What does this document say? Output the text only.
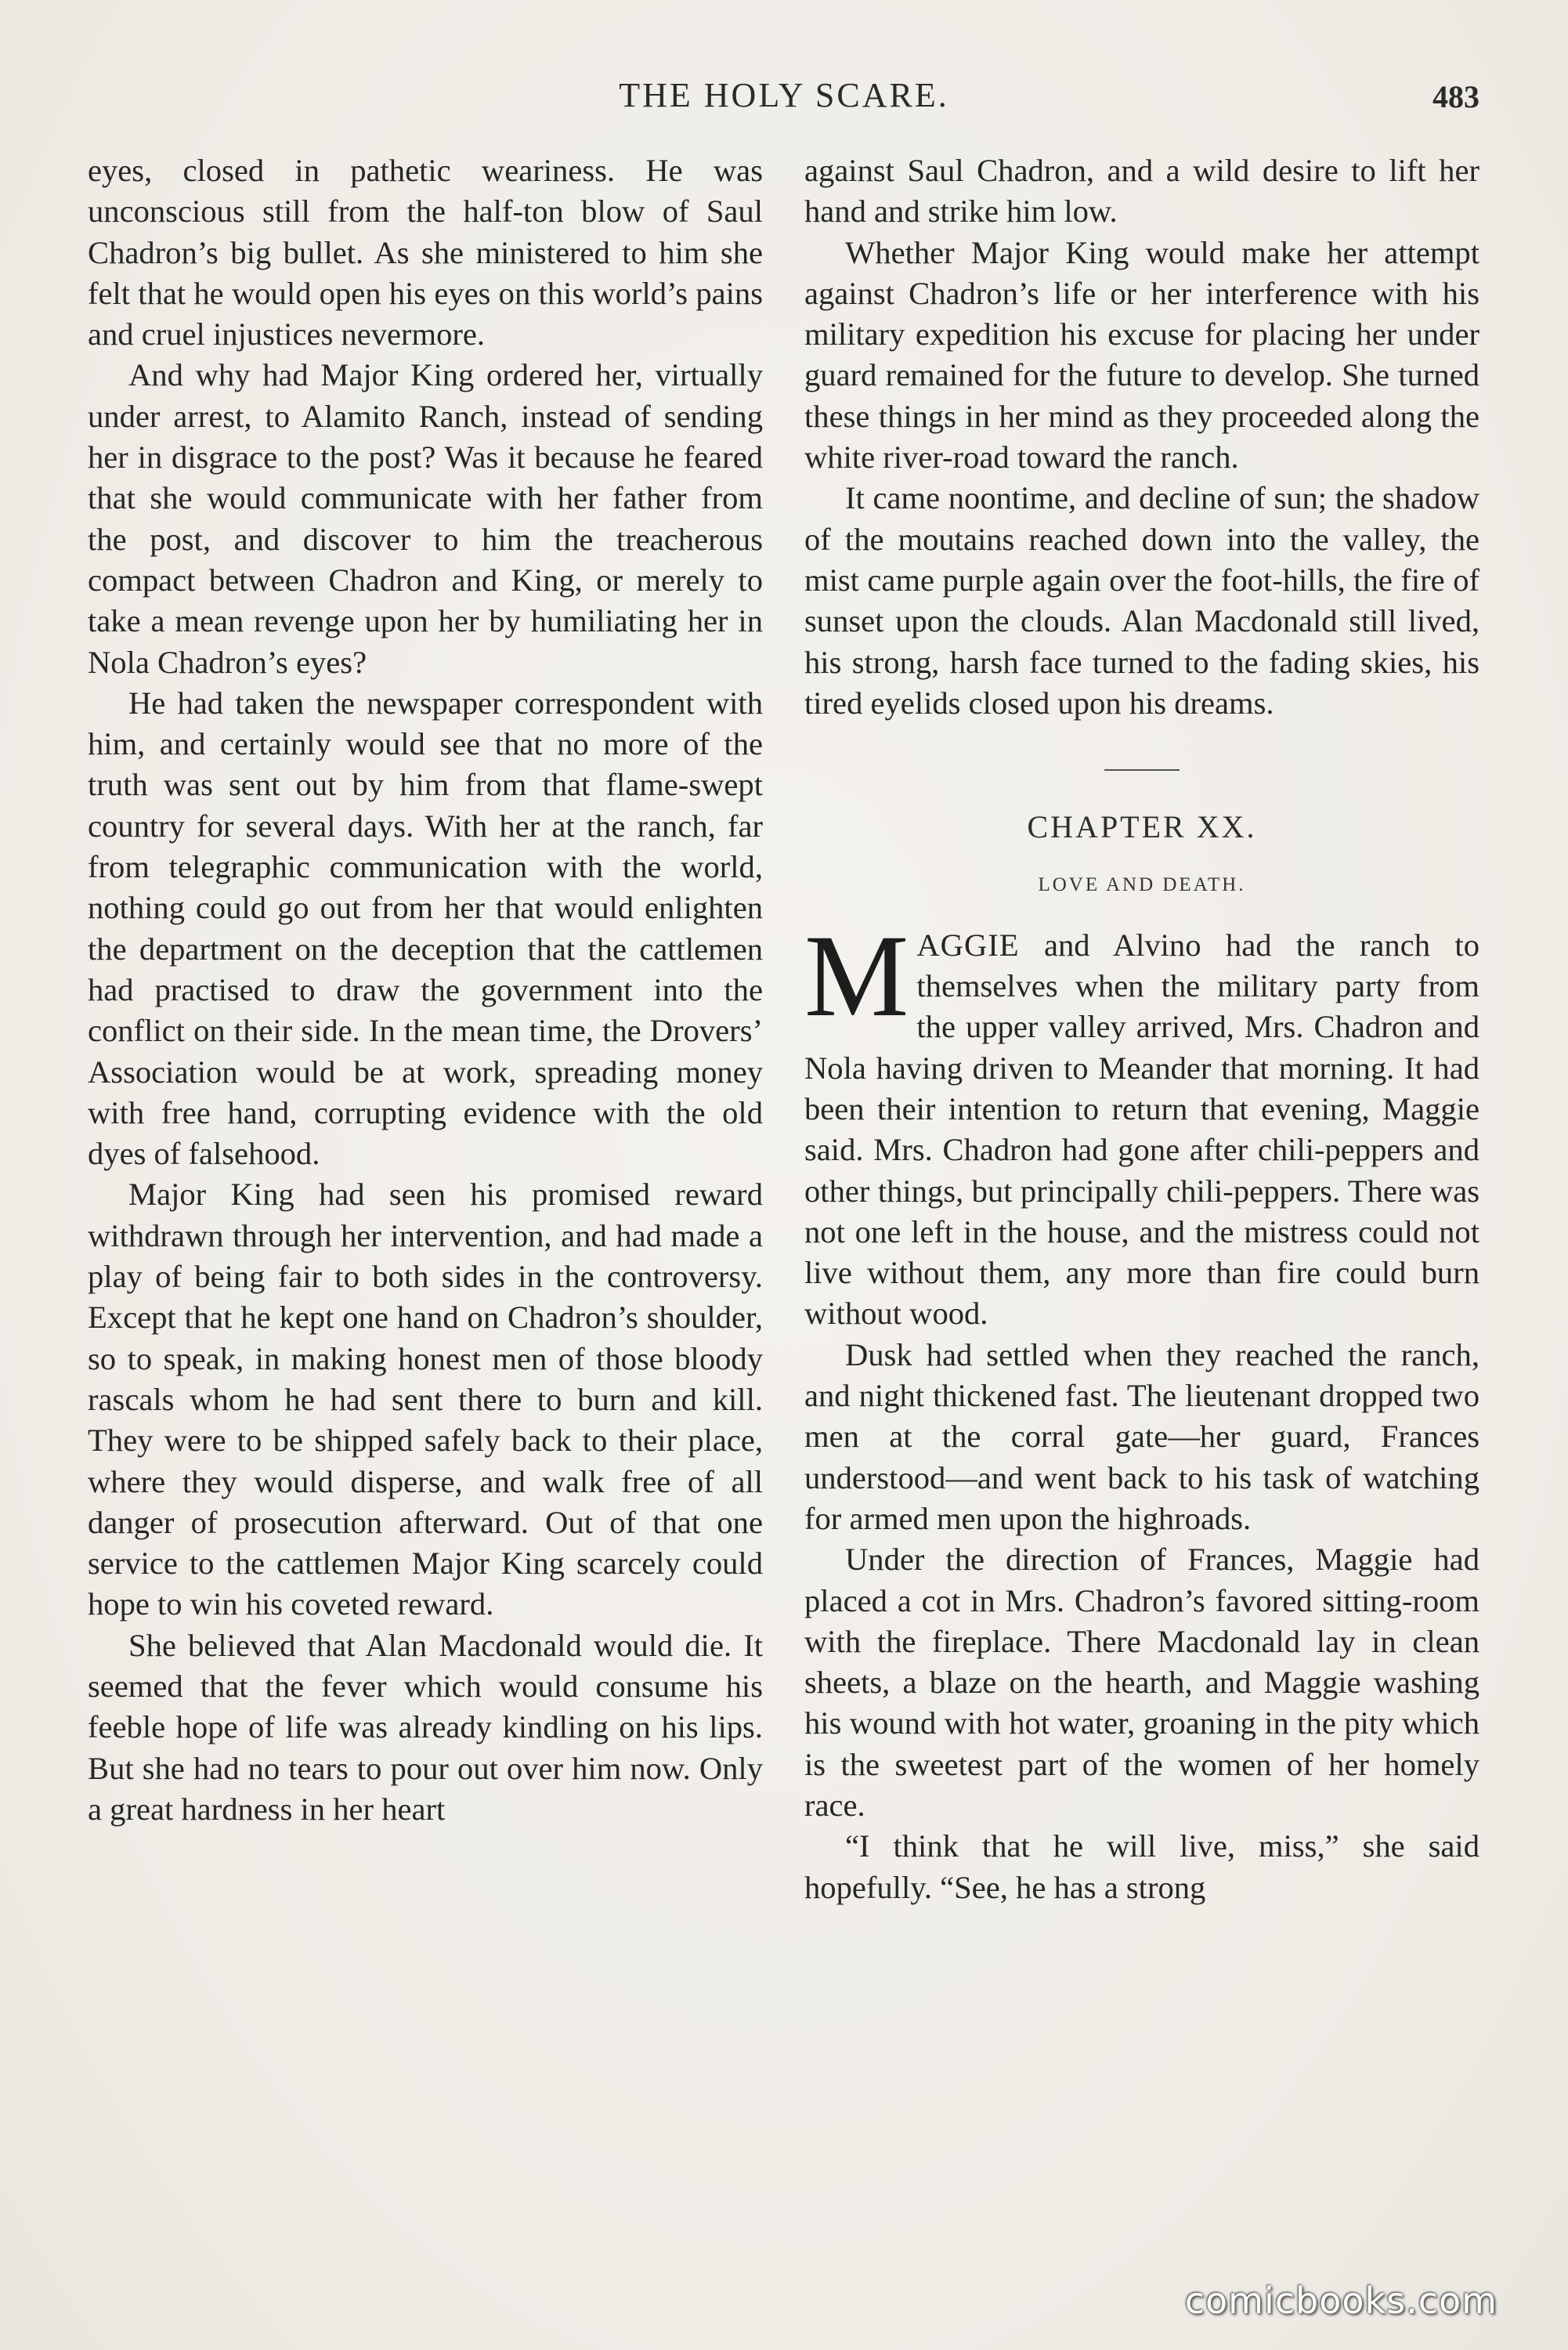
THE HOLY SCARE.	483

eyes, closed in pathetic weariness. He was unconscious still from the half-ton blow of Saul Chadron’s big bullet. As she ministered to him she felt that he would open his eyes on this world’s pains and cruel injustices nevermore.

And why had Major King ordered her, virtually under arrest, to Alamito Ranch, instead of sending her in disgrace to the post? Was it because he feared that she would communicate with her father from the post, and discover to him the treacherous compact between Chadron and King, or merely to take a mean revenge upon her by humiliating her in Nola Chadron’s eyes?

He had taken the newspaper correspondent with him, and certainly would see that no more of the truth was sent out by him from that flame-swept country for several days. With her at the ranch, far from telegraphic communication with the world, nothing could go out from her that would enlighten the department on the deception that the cattlemen had practised to draw the government into the conflict on their side. In the mean time, the Drovers’ Association would be at work, spreading money with free hand, corrupting evidence with the old dyes of falsehood.

Major King had seen his promised reward withdrawn through her intervention, and had made a play of being fair to both sides in the controversy. Except that he kept one hand on Chadron’s shoulder, so to speak, in making honest men of those bloody rascals whom he had sent there to burn and kill. They were to be shipped safely back to their place, where they would disperse, and walk free of all danger of prosecution afterward. Out of that one service to the cattlemen Major King scarcely could hope to win his coveted reward.

She believed that Alan Macdonald would die. It seemed that the fever which would consume his feeble hope of life was already kindling on his lips. But she had no tears to pour out over him now. Only a great hardness in her heart

against Saul Chadron, and a wild desire to lift her hand and strike him low.

Whether Major King would make her attempt against Chadron’s life or her interference with his military expedition his excuse for placing her under guard remained for the future to develop. She turned these things in her mind as they proceeded along the white river-road toward the ranch.

It came noontime, and decline of sun; the shadow of the moutains reached down into the valley, the mist came purple again over the foot-hills, the fire of sunset upon the clouds. Alan Macdonald still lived, his strong, harsh face turned to the fading skies, his tired eyelids closed upon his dreams.

CHAPTER XX.

LOVE AND DEATH.

MAGGIE and Alvino had the ranch to themselves when the military party from the upper valley arrived, Mrs. Chadron and Nola having driven to Meander that morning. It had been their intention to return that evening, Maggie said. Mrs. Chadron had gone after chili-peppers and other things, but principally chili-peppers. There was not one left in the house, and the mistress could not live without them, any more than fire could burn without wood.

Dusk had settled when they reached the ranch, and night thickened fast. The lieutenant dropped two men at the corral gate—her guard, Frances understood—and went back to his task of watching for armed men upon the highroads.

Under the direction of Frances, Maggie had placed a cot in Mrs. Chadron’s favored sitting-room with the fireplace. There Macdonald lay in clean sheets, a blaze on the hearth, and Maggie washing his wound with hot water, groaning in the pity which is the sweetest part of the women of her homely race.

“I think that he will live, miss,” she said hopefully. “See, he has a strong

comicbooks.com
